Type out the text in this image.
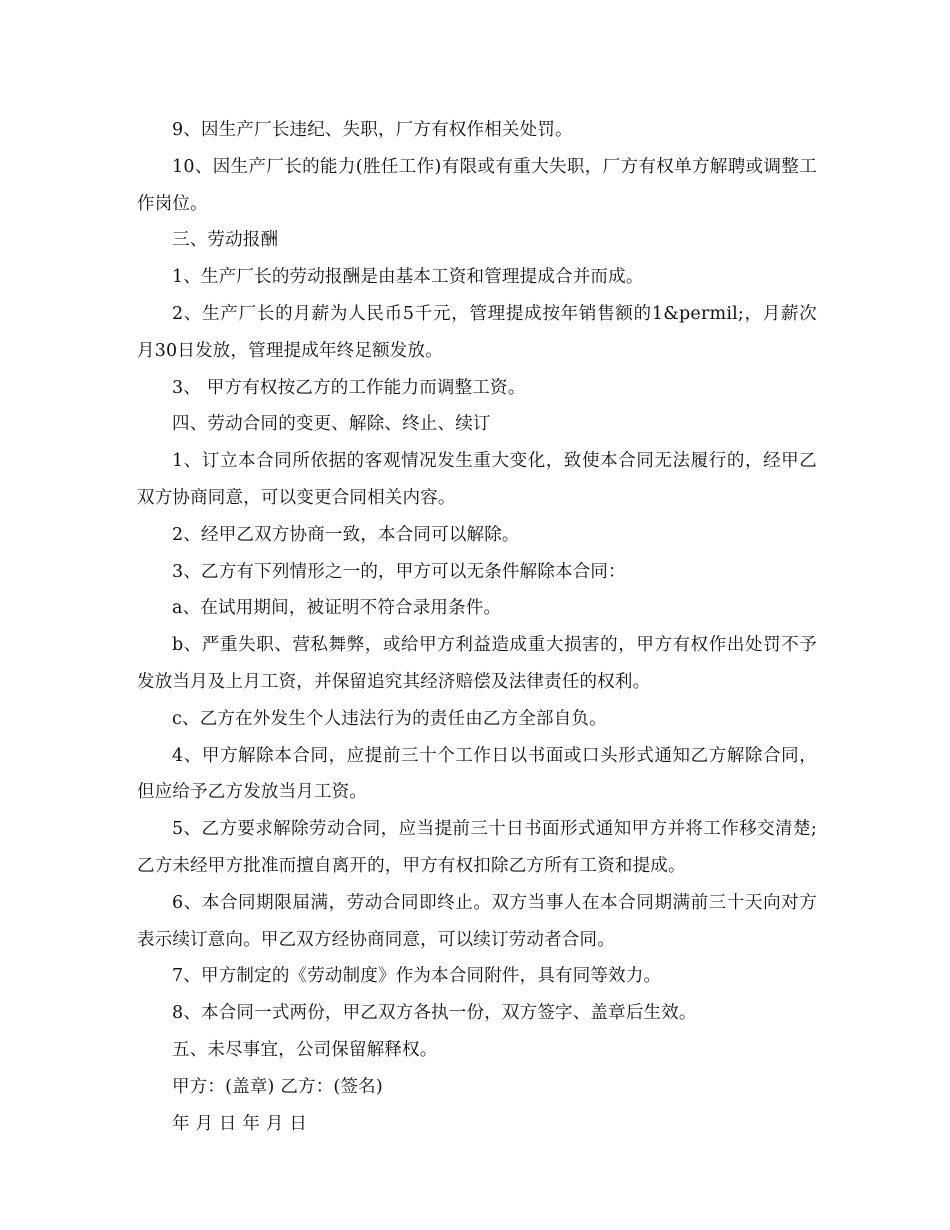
9、因生产厂长违纪、失职，厂方有权作相关处罚。

10、因生产厂长的能力(胜任工作)有限或有重大失职，厂方有权单方解聘或调整工作岗位。

三、劳动报酬

1、生产厂长的劳动报酬是由基本工资和管理提成合并而成。

2、生产厂长的月薪为人民币5千元，管理提成按年销售额的1&permil;，月薪次月30日发放，管理提成年终足额发放。

3、 甲方有权按乙方的工作能力而调整工资。

四、劳动合同的变更、解除、终止、续订

1、订立本合同所依据的客观情况发生重大变化，致使本合同无法履行的，经甲乙双方协商同意，可以变更合同相关内容。

2、经甲乙双方协商一致，本合同可以解除。

3、乙方有下列情形之一的，甲方可以无条件解除本合同：

a、在试用期间，被证明不符合录用条件。

b、严重失职、营私舞弊，或给甲方利益造成重大损害的，甲方有权作出处罚不予发放当月及上月工资，并保留追究其经济赔偿及法律责任的权利。

c、乙方在外发生个人违法行为的责任由乙方全部自负。

4、甲方解除本合同，应提前三十个工作日以书面或口头形式通知乙方解除合同，但应给予乙方发放当月工资。

5、乙方要求解除劳动合同，应当提前三十日书面形式通知甲方并将工作移交清楚;乙方未经甲方批准而擅自离开的，甲方有权扣除乙方所有工资和提成。

6、本合同期限届满，劳动合同即终止。双方当事人在本合同期满前三十天向对方表示续订意向。甲乙双方经协商同意，可以续订劳动者合同。

7、甲方制定的《劳动制度》作为本合同附件，具有同等效力。

8、本合同一式两份，甲乙双方各执一份，双方签字、盖章后生效。

五、未尽事宜，公司保留解释权。

甲方：(盖章) 乙方：(签名)

年 月 日 年 月 日
